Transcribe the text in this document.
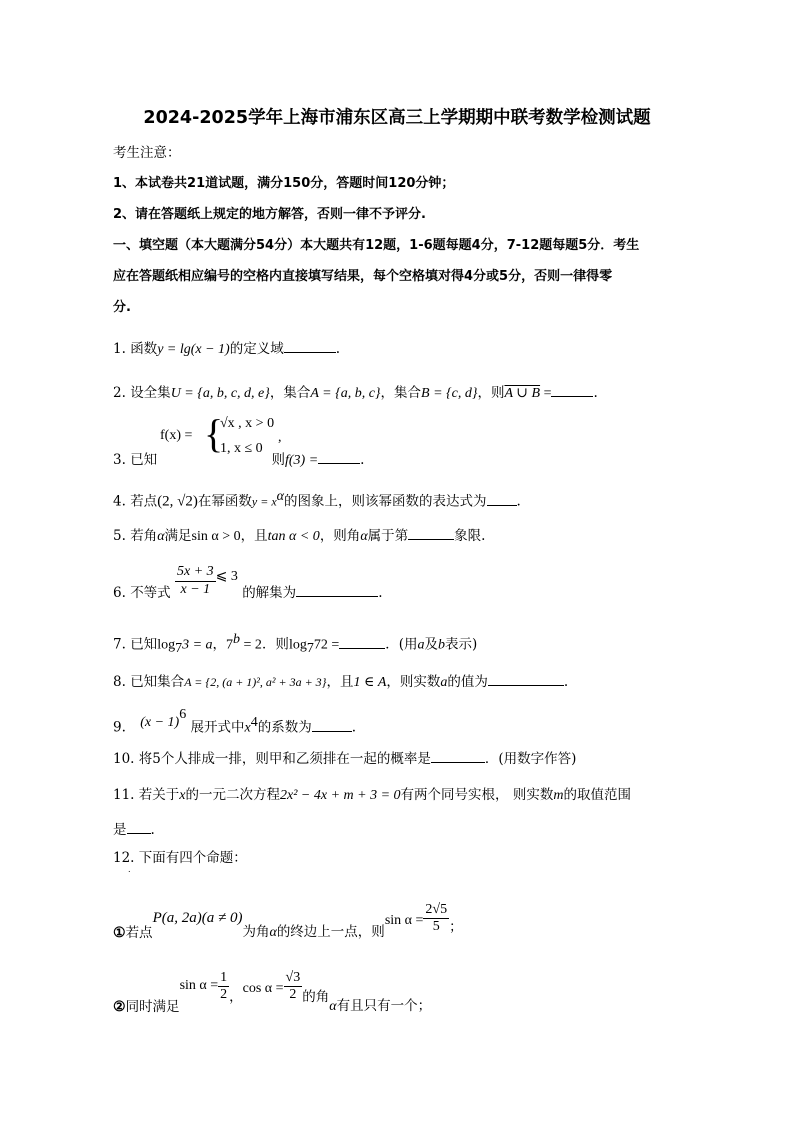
2024-2025学年上海市浦东区高三上学期期中联考数学检测试题
考生注意：
1、本试卷共21道试题，满分150分，答题时间120分钟；
2、请在答题纸上规定的地方解答，否则一律不予评分.
一、填空题（本大题满分54分）本大题共有12题，1-6题每题4分，7-12题每题5分．考生
应在答题纸相应编号的空格内直接填写结果，每个空格填对得4分或5分，否则一律得零
分.
1. 函数y = lg(x − 1)的定义域	.
2. 设全集U = {a, b, c, d, e}，集合A = {a, b, c}，集合B = {c, d}，则A ∪ B =	.
f(x) = {
√x , x > 0
1, x ≤ 0
,
3. 已知	则f(3) =	.
4. 若点(2, √2)在幂函数$y = x^\alpha$的图象上，则该幂函数的表达式为 .
5. 若角α满足sin α > 0，且tan α < 0，则角α属于第	象限.
6. 不等式 $\frac{5x + 3}{x - 1}$ ⩽ 3 的解集为	.
7. 已知$\log_73 = a$，$7^b = 2$．则$\log_772$ =	．(用a及b表示)
8. 已知集合A = {2, (a + 1)², a² + 3a + 3}，且1 ∈ A，则实数a的值为	.
9. $(x - 1)^6$ 展开式中$x^4$的系数为	.
10. 将5个人排成一排，则甲和乙须排在一起的概率是	．(用数字作答)
11. 若关于x的一元二次方程2x² − 4x + m + 3 = 0有两个同号实根， 则实数m的取值范围
是 .
12. 下面有四个命题：
.
①若点P(a, 2a)(a ≠ 0)为角α的终边上一点，则$\sin \alpha = \frac{2√5}{5}$ ；
②同时满足$\sin \alpha = \frac{1}{2}$ ，$\cos \alpha = \frac{√3}{2}$ 的角α有且只有一个；
